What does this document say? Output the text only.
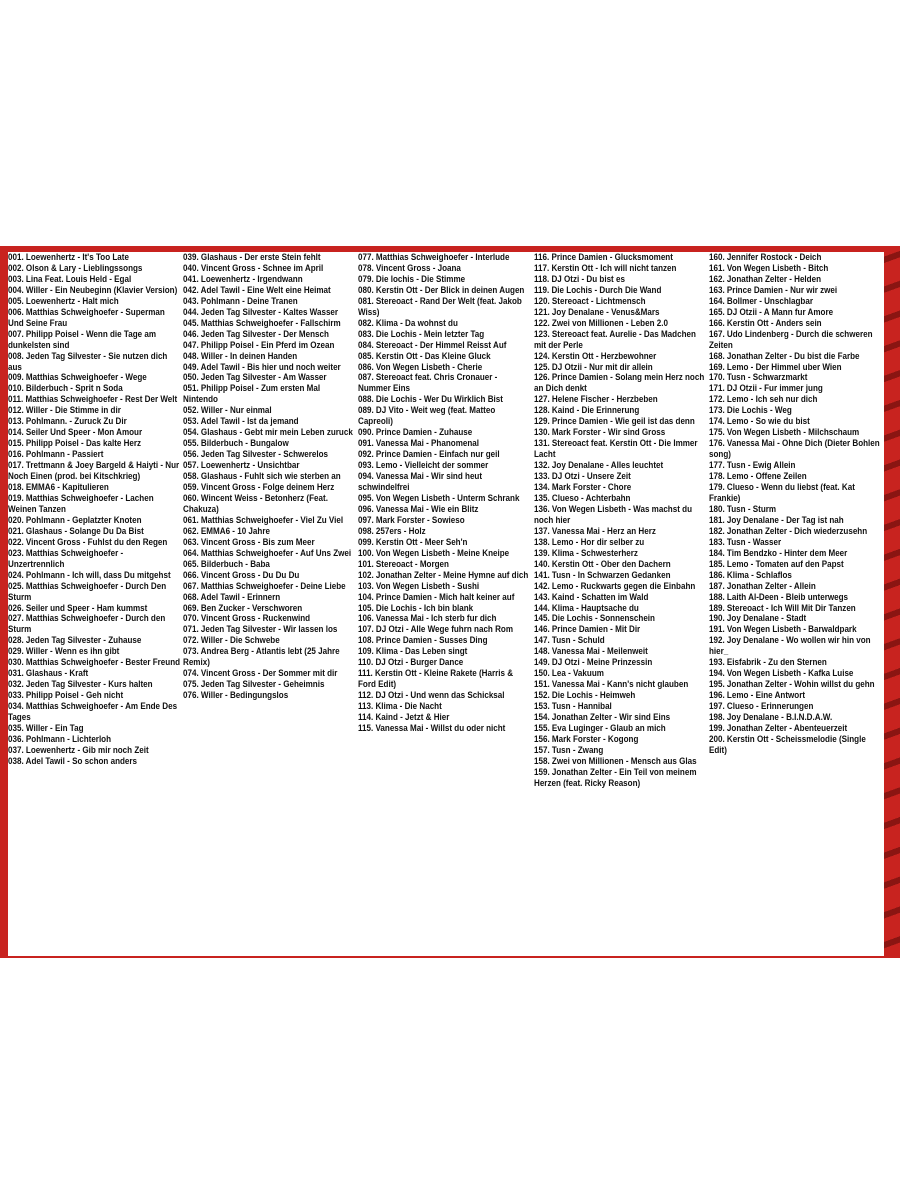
001. Loewenhertz - It's Too Late
002. Olson & Lary - Lieblingssongs
003. Lina Feat. Louis Held - Egal
004. Willer - Ein Neubeginn (Klavier Version)
005. Loewenhertz - Halt mich
006. Matthias Schweighoefer - Superman Und Seine Frau
007. Philipp Poisel - Wenn die Tage am dunkelsten sind
008. Jeden Tag Silvester - Sie nutzen dich aus
009. Matthias Schweighoefer - Wege
010. Bilderbuch - Sprit n Soda
011. Matthias Schweighoefer - Rest Der Welt
012. Willer - Die Stimme in dir
013. Pohlmann. - Zuruck Zu Dir
014. Seiler Und Speer - Mon Amour
015. Philipp Poisel - Das kalte Herz
016. Pohlmann - Passiert
017. Trettmann & Joey Bargeld & Haiyti - Nur Noch Einen (prod. bei Kitschkrieg)
018. EMMA6 - Kapitulieren
019. Matthias Schweighoefer - Lachen Weinen Tanzen
020. Pohlmann - Geplatzter Knoten
021. Glashaus - Solange Du Da Bist
022. Vincent Gross - Fuhlst du den Regen
023. Matthias Schweighoefer - Unzertrennlich
024. Pohlmann - Ich will, dass Du mitgehst
025. Matthias Schweighoefer - Durch Den Sturm
026. Seiler und Speer - Ham kummst
027. Matthias Schweighoefer - Durch den Sturm
028. Jeden Tag Silvester - Zuhause
029. Willer - Wenn es ihn gibt
030. Matthias Schweighoefer - Bester Freund
031. Glashaus - Kraft
032. Jeden Tag Silvester - Kurs halten
033. Philipp Poisel - Geh nicht
034. Matthias Schweighoefer - Am Ende Des Tages
035. Willer - Ein Tag
036. Pohlmann - Lichterloh
037. Loewenhertz - Gib mir noch Zeit
038. Adel Tawil - So schon anders
039. Glashaus - Der erste Stein fehlt
040. Vincent Gross - Schnee im April
041. Loewenhertz - Irgendwann
042. Adel Tawil - Eine Welt eine Heimat
043. Pohlmann - Deine Tranen
044. Jeden Tag Silvester - Kaltes Wasser
045. Matthias Schweighoefer - Fallschirm
046. Jeden Tag Silvester - Der Mensch
047. Philipp Poisel - Ein Pferd im Ozean
048. Willer - In deinen Handen
049. Adel Tawil - Bis hier und noch weiter
050. Jeden Tag Silvester - Am Wasser
051. Philipp Poisel - Zum ersten Mal Nintendo
052. Willer - Nur einmal
053. Adel Tawil - Ist da jemand
054. Glashaus - Gebt mir mein Leben zuruck
055. Bilderbuch - Bungalow
056. Jeden Tag Silvester - Schwerelos
057. Loewenhertz - Unsichtbar
058. Glashaus - Fuhlt sich wie sterben an
059. Vincent Gross - Folge deinem Herz
060. Wincent Weiss - Betonherz (Feat. Chakuza)
061. Matthias Schweighoefer - Viel Zu Viel
062. EMMA6 - 10 Jahre
063. Vincent Gross - Bis zum Meer
064. Matthias Schweighoefer - Auf Uns Zwei
065. Bilderbuch - Baba
066. Vincent Gross - Du Du Du
067. Matthias Schweighoefer - Deine Liebe
068. Adel Tawil - Erinnern
069. Ben Zucker - Verschworen
070. Vincent Gross - Ruckenwind
071. Jeden Tag Silvester - Wir lassen los
072. Willer - Die Schwebe
073. Andrea Berg - Atlantis lebt (25 Jahre Remix)
074. Vincent Gross - Der Sommer mit dir
075. Jeden Tag Silvester - Geheimnis
076. Willer - Bedingungslos
077. Matthias Schweighoefer - Interlude
078. Vincent Gross - Joana
079. Die lochis - Die Stimme
080. Kerstin Ott - Der Blick in deinen Augen
081. Stereoact - Rand Der Welt (feat. Jakob Wiss)
082. Klima - Da wohnst du
083. Die Lochis - Mein letzter Tag
084. Stereoact - Der Himmel Reisst Auf
085. Kerstin Ott - Das Kleine Gluck
086. Von Wegen Lisbeth - Cherie
087. Stereoact feat. Chris Cronauer - Nummer Eins
088. Die Lochis - Wer Du Wirklich Bist
089. DJ Vito - Weit weg (feat. Matteo Capreoli)
090. Prince Damien - Zuhause
091. Vanessa Mai - Phanomenal
092. Prince Damien - Einfach nur geil
093. Lemo - Vielleicht der sommer
094. Vanessa Mai - Wir sind heut schwindelfrei
095. Von Wegen Lisbeth - Unterm Schrank
096. Vanessa Mai - Wie ein Blitz
097. Mark Forster - Sowieso
098. 257ers - Holz
099. Kerstin Ott - Meer Seh'n
100. Von Wegen Lisbeth - Meine Kneipe
101. Stereoact - Morgen
102. Jonathan Zelter - Meine Hymne auf dich
103. Von Wegen Lisbeth - Sushi
104. Prince Damien - Mich halt keiner auf
105. Die Lochis - Ich bin blank
106. Vanessa Mai - Ich sterb fur dich
107. DJ Otzi - Alle Wege fuhrn nach Rom
108. Prince Damien - Susses Ding
109. Klima - Das Leben singt
110. DJ Otzi - Burger Dance
111. Kerstin Ott - Kleine Rakete (Harris & Ford Edit)
112. DJ Otzi - Und wenn das Schicksal
113. Klima - Die Nacht
114. Kaind - Jetzt & Hier
115. Vanessa Mai - Willst du oder nicht
116. Prince Damien - Glucksmoment
117. Kerstin Ott - Ich will nicht tanzen
118. DJ Otzi - Du bist es
119. Die Lochis - Durch Die Wand
120. Stereoact - Lichtmensch
121. Joy Denalane - Venus&Mars
122. Zwei von Millionen - Leben 2.0
123. Stereoact feat. Aurelie - Das Madchen mit der Perle
124. Kerstin Ott - Herzbewohner
125. DJ Otzii - Nur mit dir allein
126. Prince Damien - Solang mein Herz noch an Dich denkt
127. Helene Fischer - Herzbeben
128. Kaind - Die Erinnerung
129. Prince Damien - Wie geil ist das denn
130. Mark Forster - Wir sind Gross
131. Stereoact feat. Kerstin Ott - Die Immer Lacht
132. Joy Denalane - Alles leuchtet
133. DJ Otzi - Unsere Zeit
134. Mark Forster - Chore
135. Clueso - Achterbahn
136. Von Wegen Lisbeth - Was machst du noch hier
137. Vanessa Mai - Herz an Herz
138. Lemo - Hor dir selber zu
139. Klima - Schwesterherz
140. Kerstin Ott - Ober den Dachern
141. Tusn - In Schwarzen Gedanken
142. Lemo - Ruckwarts gegen die Einbahn
143. Kaind - Schatten im Wald
144. Klima - Hauptsache du
145. Die Lochis - Sonnenschein
146. Prince Damien - Mit Dir
147. Tusn - Schuld
148. Vanessa Mai - Meilenweit
149. DJ Otzi - Meine Prinzessin
150. Lea - Vakuum
151. Vanessa Mai - Kann's nicht glauben
152. Die Lochis - Heimweh
153. Tusn - Hannibal
154. Jonathan Zelter - Wir sind Eins
155. Eva Luginger - Glaub an mich
156. Mark Forster - Kogong
157. Tusn - Zwang
158. Zwei von Millionen - Mensch aus Glas
159. Jonathan Zelter - Ein Teil von meinem Herzen (feat. Ricky Reason)
160. Jennifer Rostock - Deich
161. Von Wegen Lisbeth - Bitch
162. Jonathan Zelter - Helden
163. Prince Damien - Nur wir zwei
164. Bollmer - Unschlagbar
165. DJ Otzii - A Mann fur Amore
166. Kerstin Ott - Anders sein
167. Udo Lindenberg - Durch die schweren Zeiten
168. Jonathan Zelter - Du bist die Farbe
169. Lemo - Der Himmel uber Wien
170. Tusn - Schwarzmarkt
171. DJ Otzii - Fur immer jung
172. Lemo - Ich seh nur dich
173. Die Lochis - Weg
174. Lemo - So wie du bist
175. Von Wegen Lisbeth - Milchschaum
176. Vanessa Mai - Ohne Dich (Dieter Bohlen song)
177. Tusn - Ewig Allein
178. Lemo - Offene Zeilen
179. Clueso - Wenn du liebst (feat. Kat Frankie)
180. Tusn - Sturm
181. Joy Denalane - Der Tag ist nah
182. Jonathan Zelter - Dich wiederzusehn
183. Tusn - Wasser
184. Tim Bendzko - Hinter dem Meer
185. Lemo - Tomaten auf den Papst
186. Klima - Schlaflos
187. Jonathan Zelter - Allein
188. Laith Al-Deen - Bleib unterwegs
189. Stereoact - Ich Will Mit Dir Tanzen
190. Joy Denalane - Stadt
191. Von Wegen Lisbeth - Barwaldpark
192. Joy Denalane - Wo wollen wir hin von hier_
193. Eisfabrik - Zu den Sternen
194. Von Wegen Lisbeth - Kafka Luise
195. Jonathan Zelter - Wohin willst du gehn
196. Lemo - Eine Antwort
197. Clueso - Erinnerungen
198. Joy Denalane - B.I.N.D.A.W.
199. Jonathan Zelter - Abenteuerzeit
200. Kerstin Ott - Scheissmelodie (Single Edit)
